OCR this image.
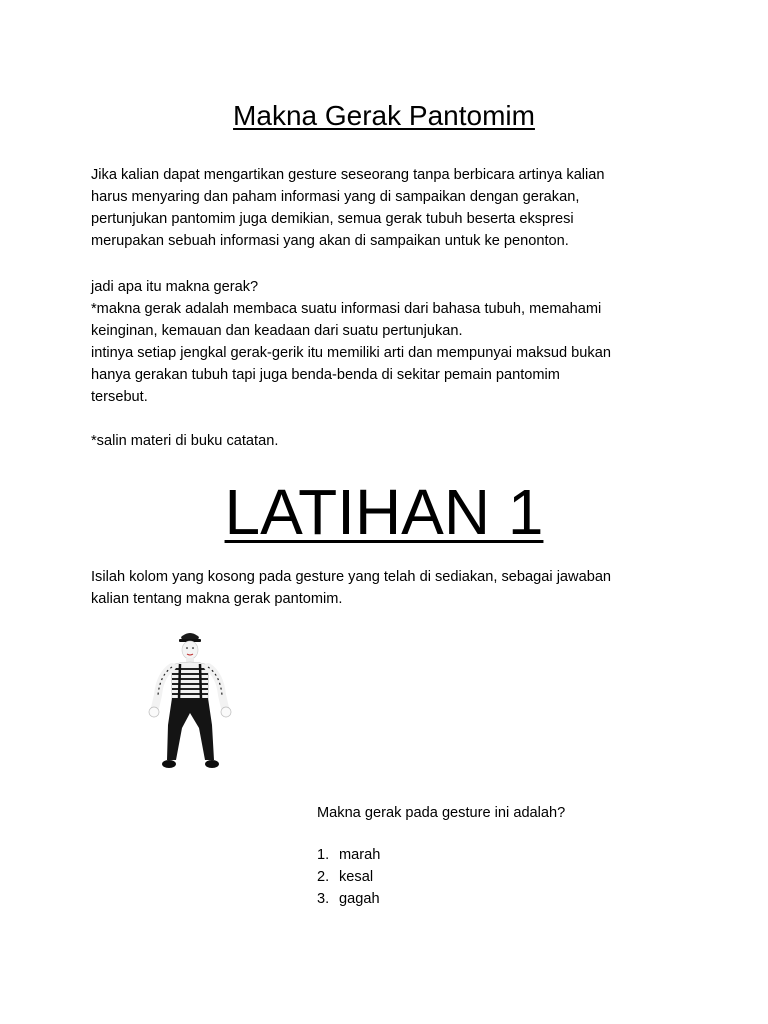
Makna Gerak Pantomim
Jika kalian dapat mengartikan gesture seseorang tanpa berbicara artinya kalian
harus menyaring dan paham informasi yang di sampaikan dengan gerakan,
pertunjukan pantomim juga demikian, semua gerak tubuh beserta ekspresi
merupakan sebuah informasi yang akan di sampaikan untuk ke penonton.
jadi apa itu makna gerak?
*makna gerak adalah membaca suatu informasi dari bahasa tubuh, memahami
keinginan, kemauan dan keadaan dari suatu pertunjukan.
intinya setiap jengkal gerak-gerik itu memiliki arti dan mempunyai maksud bukan
hanya gerakan tubuh tapi juga benda-benda di sekitar pemain pantomim
tersebut.
*salin materi di buku catatan.
LATIHAN 1
Isilah kolom yang kosong pada gesture yang telah di sediakan, sebagai jawaban
kalian tentang makna gerak pantomim.
Makna gerak pada gesture ini adalah?
1. marah
2. kesal
3. gagah
